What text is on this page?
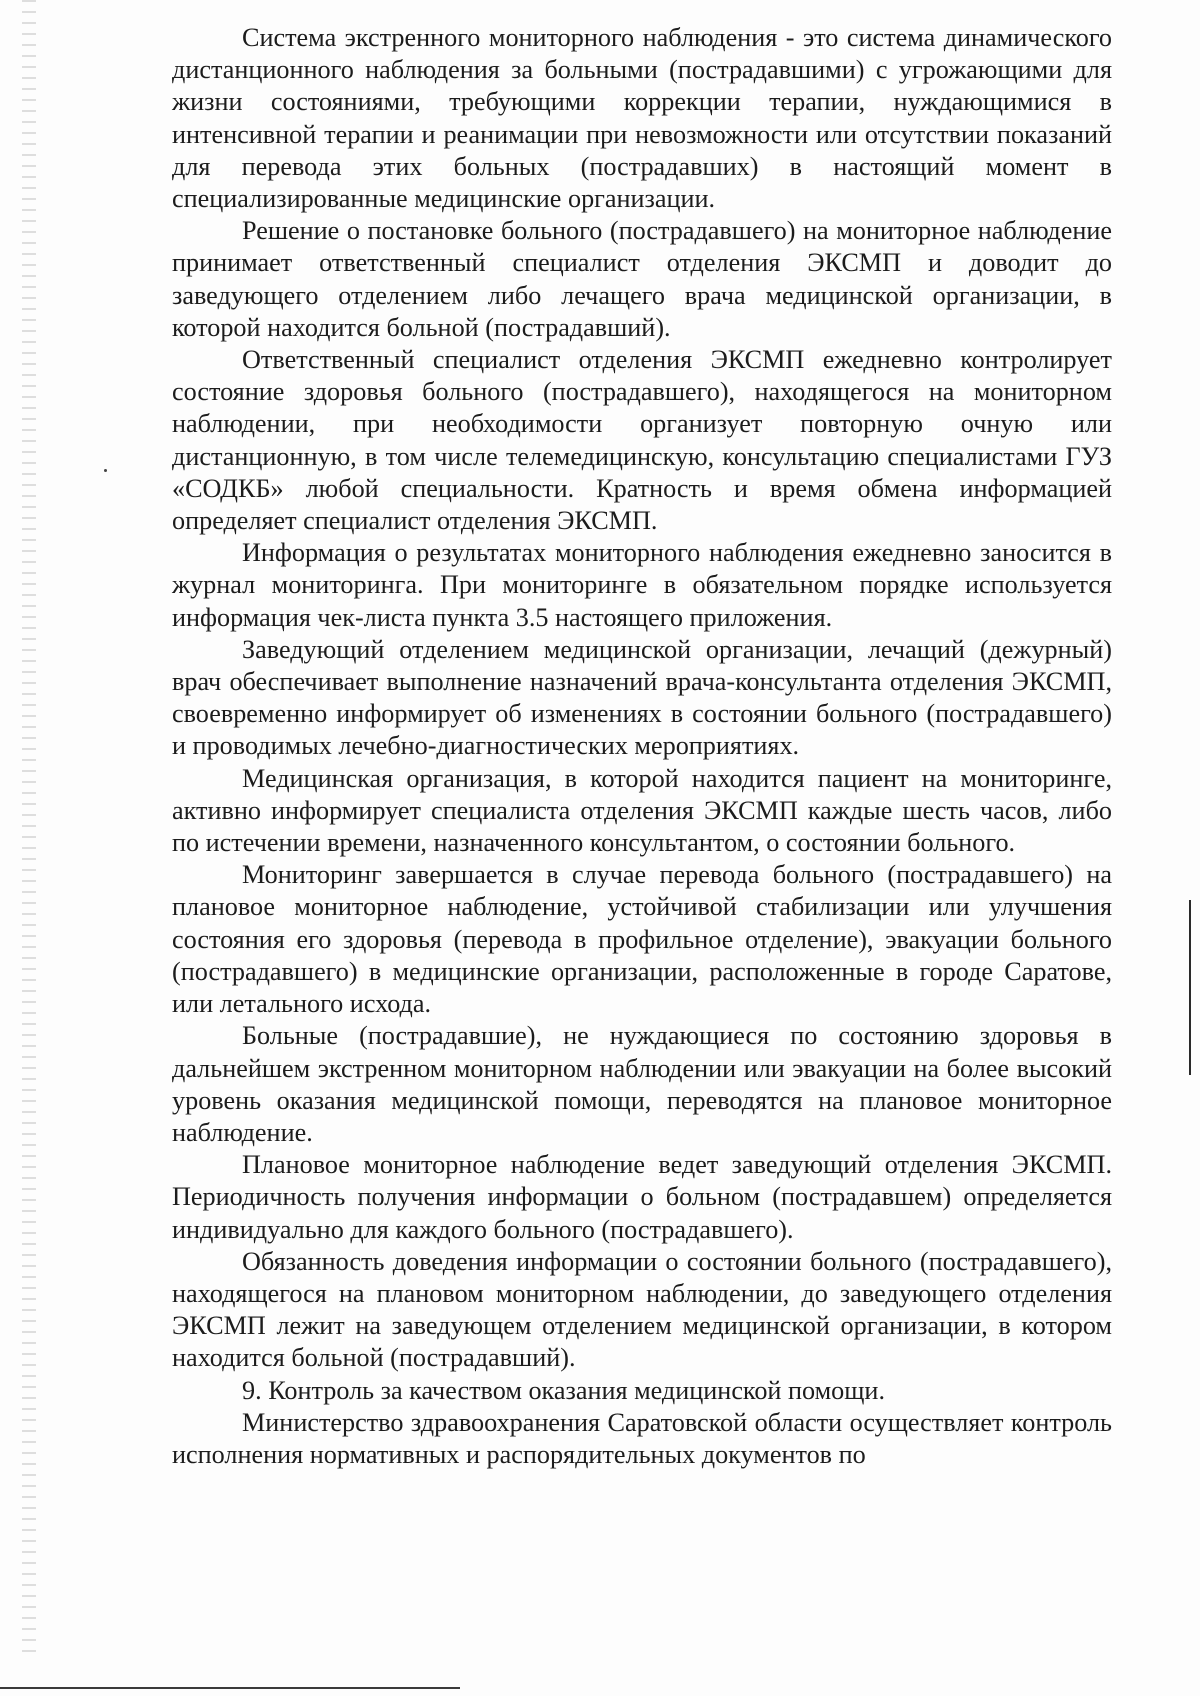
Система экстренного мониторного наблюдения - это система динамического дистанционного наблюдения за больными (пострадавшими) с угрожающими для жизни состояниями, требующими коррекции терапии, нуждающимися в интенсивной терапии и реанимации при невозможности или отсутствии показаний для перевода этих больных (пострадавших) в настоящий момент в специализированные медицинские организации.

Решение о постановке больного (пострадавшего) на мониторное наблюдение принимает ответственный специалист отделения ЭКСМП и доводит до заведующего отделением либо лечащего врача медицинской организации, в которой находится больной (пострадавший).

Ответственный специалист отделения ЭКСМП ежедневно контролирует состояние здоровья больного (пострадавшего), находящегося на мониторном наблюдении, при необходимости организует повторную очную или дистанционную, в том числе телемедицинскую, консультацию специалистами ГУЗ «СОДКБ» любой специальности. Кратность и время обмена информацией определяет специалист отделения ЭКСМП.

Информация о результатах мониторного наблюдения ежедневно заносится в журнал мониторинга. При мониторинге в обязательном порядке используется информация чек-листа пункта 3.5 настоящего приложения.

Заведующий отделением медицинской организации, лечащий (дежурный) врач обеспечивает выполнение назначений врача-консультанта отделения ЭКСМП, своевременно информирует об изменениях в состоянии больного (пострадавшего) и проводимых лечебно-диагностических мероприятиях.

Медицинская организация, в которой находится пациент на мониторинге, активно информирует специалиста отделения ЭКСМП каждые шесть часов, либо по истечении времени, назначенного консультантом, о состоянии больного.

Мониторинг завершается в случае перевода больного (пострадавшего) на плановое мониторное наблюдение, устойчивой стабилизации или улучшения состояния его здоровья (перевода в профильное отделение), эвакуации больного (пострадавшего) в медицинские организации, расположенные в городе Саратове, или летального исхода.

Больные (пострадавшие), не нуждающиеся по состоянию здоровья в дальнейшем экстренном мониторном наблюдении или эвакуации на более высокий уровень оказания медицинской помощи, переводятся на плановое мониторное наблюдение.

Плановое мониторное наблюдение ведет заведующий отделения ЭКСМП. Периодичность получения информации о больном (пострадавшем) определяется индивидуально для каждого больного (пострадавшего).

Обязанность доведения информации о состоянии больного (пострадавшего), находящегося на плановом мониторном наблюдении, до заведующего отделения ЭКСМП лежит на заведующем отделением медицинской организации, в котором находится больной (пострадавший).

9. Контроль за качеством оказания медицинской помощи.

Министерство здравоохранения Саратовской области осуществляет контроль исполнения нормативных и распорядительных документов по
